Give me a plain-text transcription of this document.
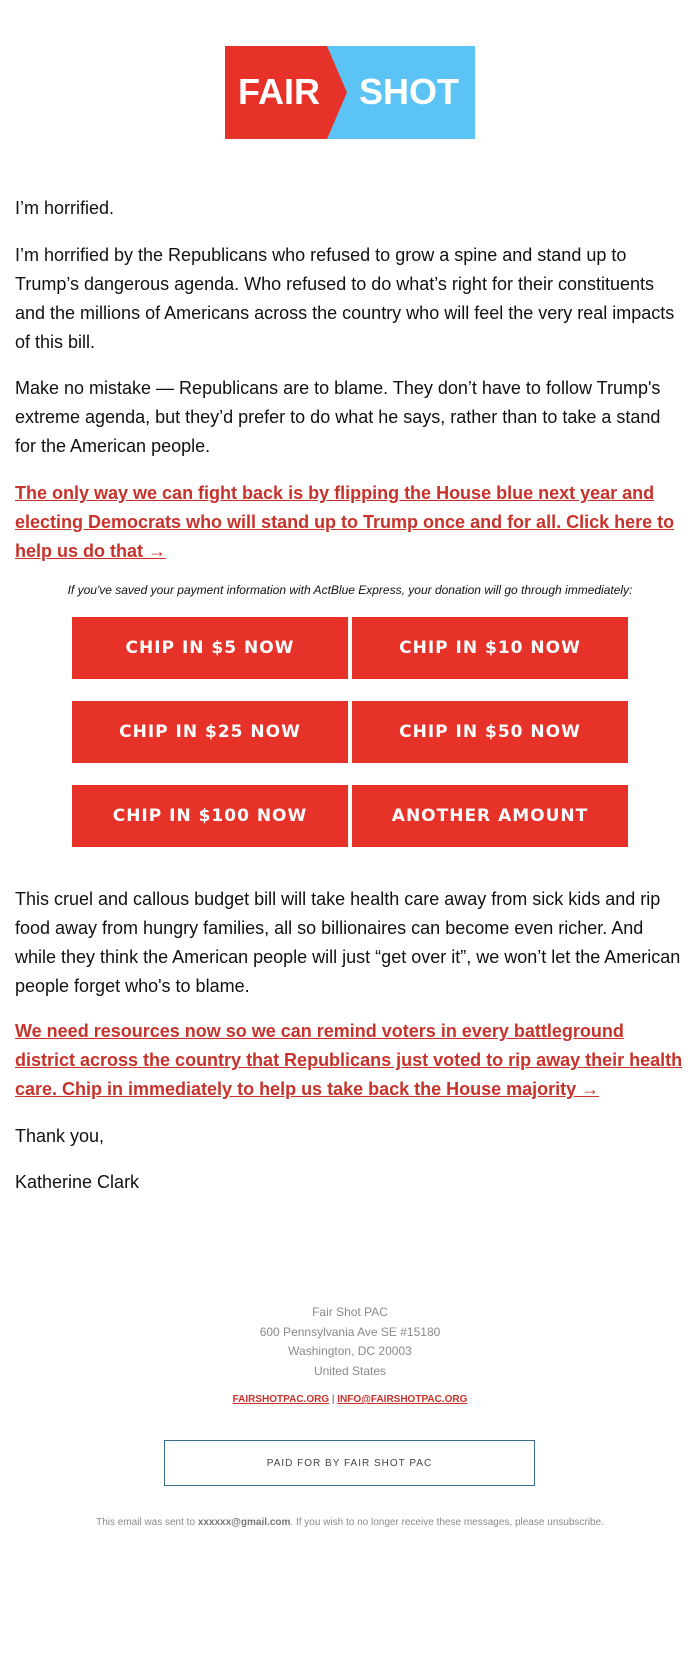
FAIR SHOT

I’m horrified.

I’m horrified by the Republicans who refused to grow a spine and stand up to Trump’s dangerous agenda. Who refused to do what’s right for their constituents and the millions of Americans across the country who will feel the very real impacts of this bill.

Make no mistake — Republicans are to blame. They don’t have to follow Trump's extreme agenda, but they’d prefer to do what he says, rather than to take a stand for the American people.

The only way we can fight back is by flipping the House blue next year and electing Democrats who will stand up to Trump once and for all. Click here to help us do that →
If you've saved your payment information with ActBlue Express, your donation will go through immediately:
CHIP IN $5 NOW	CHIP IN $10 NOW
CHIP IN $25 NOW	CHIP IN $50 NOW
CHIP IN $100 NOW	ANOTHER AMOUNT

This cruel and callous budget bill will take health care away from sick kids and rip food away from hungry families, all so billionaires can become even richer. And while they think the American people will just “get over it”, we won’t let the American people forget who's to blame.

We need resources now so we can remind voters in every battleground district across the country that Republicans just voted to rip away their health care. Chip in immediately to help us take back the House majority →

Thank you,

Katherine Clark

Fair Shot PAC
600 Pennsylvania Ave SE #15180
Washington, DC 20003
United States
FAIRSHOTPAC.ORG | INFO@FAIRSHOTPAC.ORG
PAID FOR BY FAIR SHOT PAC
This email was sent to xxxxxx@gmail.com. If you wish to no longer receive these messages, please unsubscribe.
